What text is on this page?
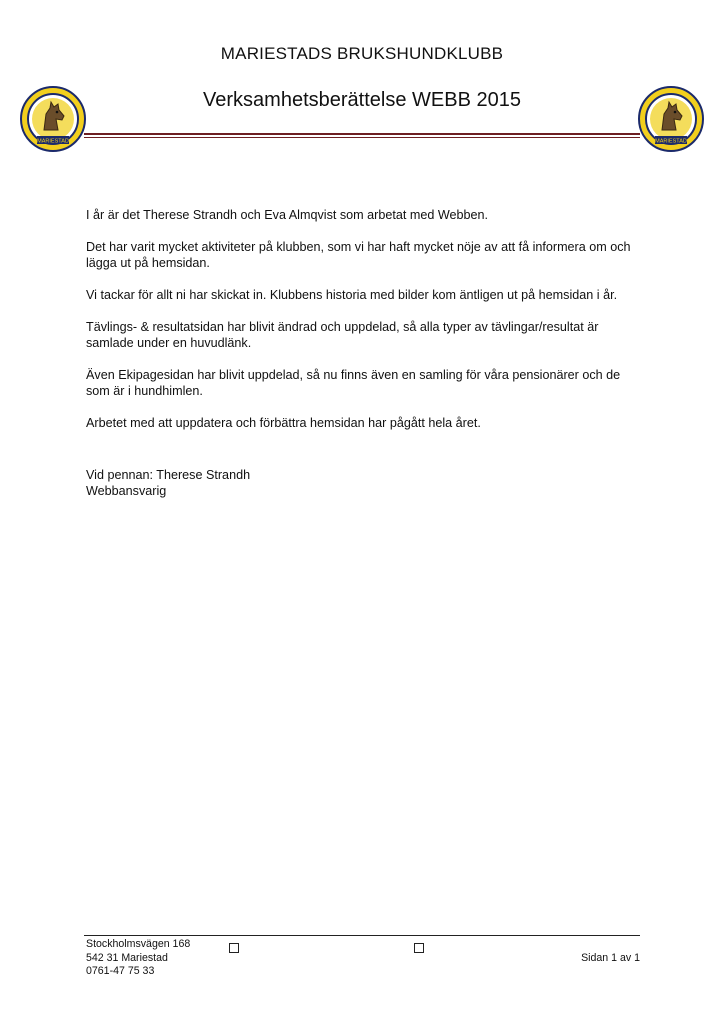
MARIESTAD	MARIESTAD
MARIESTADS BRUKSHUNDKLUBB
Verksamhetsberättelse WEBB 2015

I år är det Therese Strandh och Eva Almqvist som arbetat med Webben.

Det har varit mycket aktiviteter på klubben, som vi har haft mycket nöje av att få informera om och lägga ut på hemsidan.

Vi tackar för allt ni har skickat in. Klubbens historia med bilder kom äntligen ut på hemsidan i år.

Tävlings- & resultatsidan har blivit ändrad och uppdelad, så alla typer av tävlingar/resultat är samlade under en huvudlänk.

Även Ekipagesidan har blivit uppdelad, så nu finns även en samling för våra pensionärer och de som är i hundhimlen.

Arbetet med att uppdatera och förbättra hemsidan har pågått hela året.

Vid pennan: Therese Strandh
Webbansvarig
Stockholmsvägen 168
542 31 Mariestad
0761-47 75 33
Sidan 1 av 1
